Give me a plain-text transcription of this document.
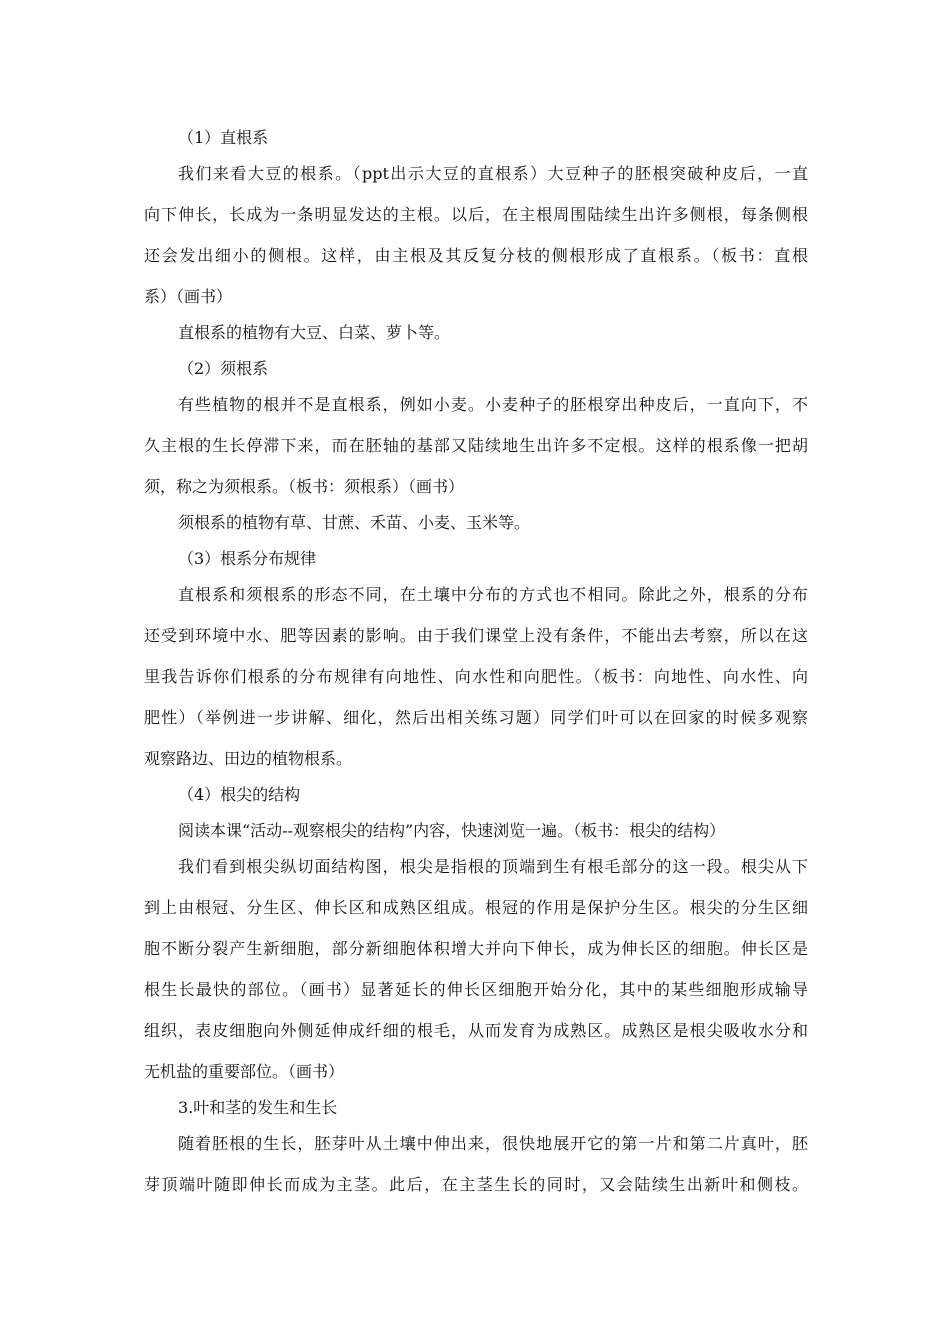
（1）直根系
我们来看大豆的根系。（ppt出示大豆的直根系）大豆种子的胚根突破种皮后，一直
向下伸长，长成为一条明显发达的主根。以后，在主根周围陆续生出许多侧根，每条侧根
还会发出细小的侧根。这样，由主根及其反复分枝的侧根形成了直根系。（板书：直根
系）（画书）
直根系的植物有大豆、白菜、萝卜等。
（2）须根系
有些植物的根并不是直根系，例如小麦。小麦种子的胚根穿出种皮后，一直向下，不
久主根的生长停滞下来，而在胚轴的基部又陆续地生出许多不定根。这样的根系像一把胡
须，称之为须根系。（板书：须根系）（画书）
须根系的植物有草、甘蔗、禾苗、小麦、玉米等。
（3）根系分布规律
直根系和须根系的形态不同，在土壤中分布的方式也不相同。除此之外，根系的分布
还受到环境中水、肥等因素的影响。由于我们课堂上没有条件，不能出去考察，所以在这
里我告诉你们根系的分布规律有向地性、向水性和向肥性。（板书：向地性、向水性、向
肥性）（举例进一步讲解、细化，然后出相关练习题）同学们叶可以在回家的时候多观察
观察路边、田边的植物根系。
（4）根尖的结构
阅读本课“活动--观察根尖的结构”内容，快速浏览一遍。（板书：根尖的结构）
我们看到根尖纵切面结构图，根尖是指根的顶端到生有根毛部分的这一段。根尖从下
到上由根冠、分生区、伸长区和成熟区组成。根冠的作用是保护分生区。根尖的分生区细
胞不断分裂产生新细胞，部分新细胞体积增大并向下伸长，成为伸长区的细胞。伸长区是
根生长最快的部位。（画书）显著延长的伸长区细胞开始分化，其中的某些细胞形成输导
组织，表皮细胞向外侧延伸成纤细的根毛，从而发育为成熟区。成熟区是根尖吸收水分和
无机盐的重要部位。（画书）
3.叶和茎的发生和生长
随着胚根的生长，胚芽叶从土壤中伸出来，很快地展开它的第一片和第二片真叶，胚
芽顶端叶随即伸长而成为主茎。此后，在主茎生长的同时，又会陆续生出新叶和侧枝。
